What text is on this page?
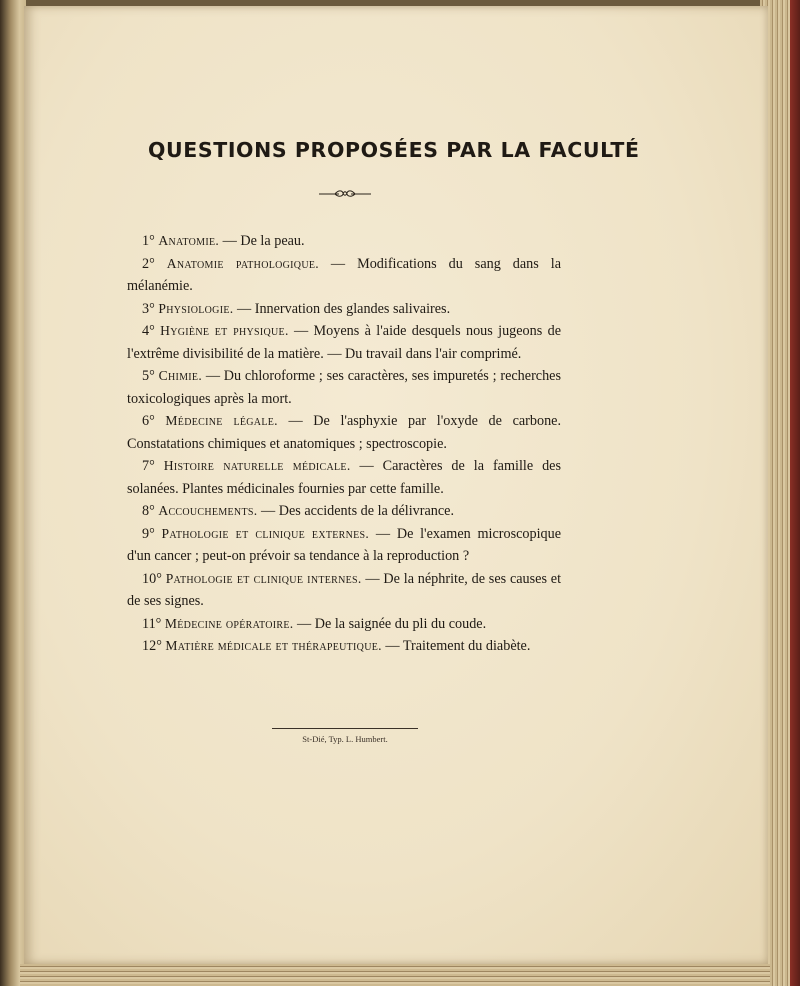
QUESTIONS PROPOSÉES PAR LA FACULTÉ

1° Anatomie. — De la peau.

2° Anatomie pathologique. — Modifications du sang dans la mélanémie.

3° Physiologie. — Innervation des glandes salivaires.

4° Hygiène et physique. — Moyens à l'aide desquels nous jugeons de l'extrême divisibilité de la matière. — Du travail dans l'air comprimé.

5° Chimie. — Du chloroforme ; ses caractères, ses impuretés ; recherches toxicologiques après la mort.

6° Médecine légale. — De l'asphyxie par l'oxyde de carbone. Constatations chimiques et anatomiques ; spectroscopie.

7° Histoire naturelle médicale. — Caractères de la famille des solanées. Plantes médicinales fournies par cette famille.

8° Accouchements. — Des accidents de la délivrance.

9° Pathologie et clinique externes. — De l'examen microscopique d'un cancer ; peut-on prévoir sa tendance à la reproduction ?

10° Pathologie et clinique internes. — De la néphrite, de ses causes et de ses signes.

11° Médecine opératoire. — De la saignée du pli du coude.

12° Matière médicale et thérapeutique. — Traitement du diabète.

St-Dié, Typ. L. Humbert.
